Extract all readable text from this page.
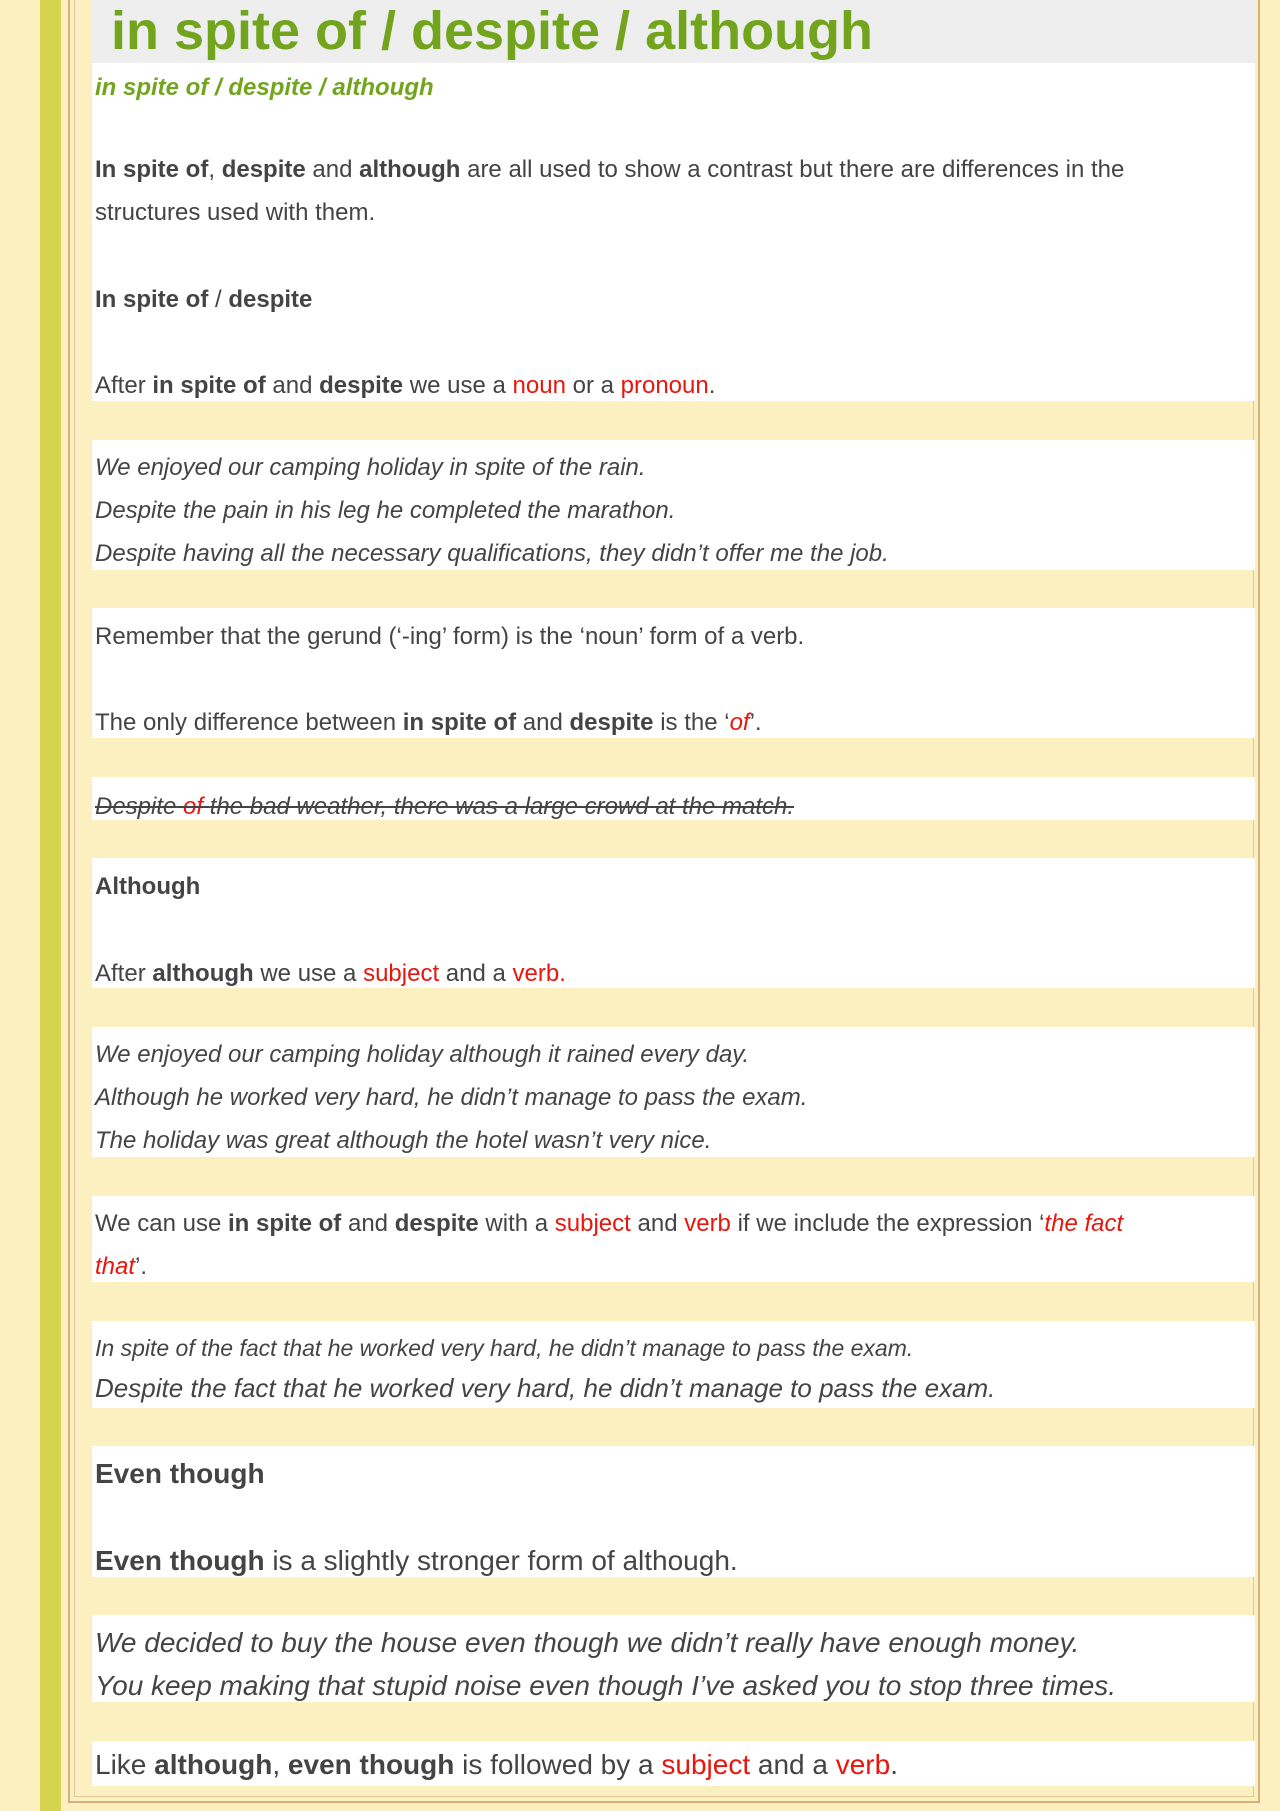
in spite of / despite / although
in spite of / despite / although
In spite of, despite and although are all used to show a contrast but there are differences in the
structures used with them.
In spite of / despite
After in spite of and despite we use a noun or a pronoun.
We enjoyed our camping holiday in spite of the rain.
Despite the pain in his leg he completed the marathon.
Despite having all the necessary qualifications, they didn’t offer me the job.
Remember that the gerund (‘-ing’ form) is the ‘noun’ form of a verb.
The only difference between in spite of and despite is the ‘of’.
Despite of the bad weather, there was a large crowd at the match.
Although
After although we use a subject and a verb.
We enjoyed our camping holiday although it rained every day.
Although he worked very hard, he didn’t manage to pass the exam.
The holiday was great although the hotel wasn’t very nice.
We can use in spite of and despite with a subject and verb if we include the expression ‘the fact
that’.
In spite of the fact that he worked very hard, he didn’t manage to pass the exam.
Despite the fact that he worked very hard, he didn’t manage to pass the exam.
Even though
Even though is a slightly stronger form of although.
We decided to buy the house even though we didn’t really have enough money.
You keep making that stupid noise even though I’ve asked you to stop three times.
Like although, even though is followed by a subject and a verb.
